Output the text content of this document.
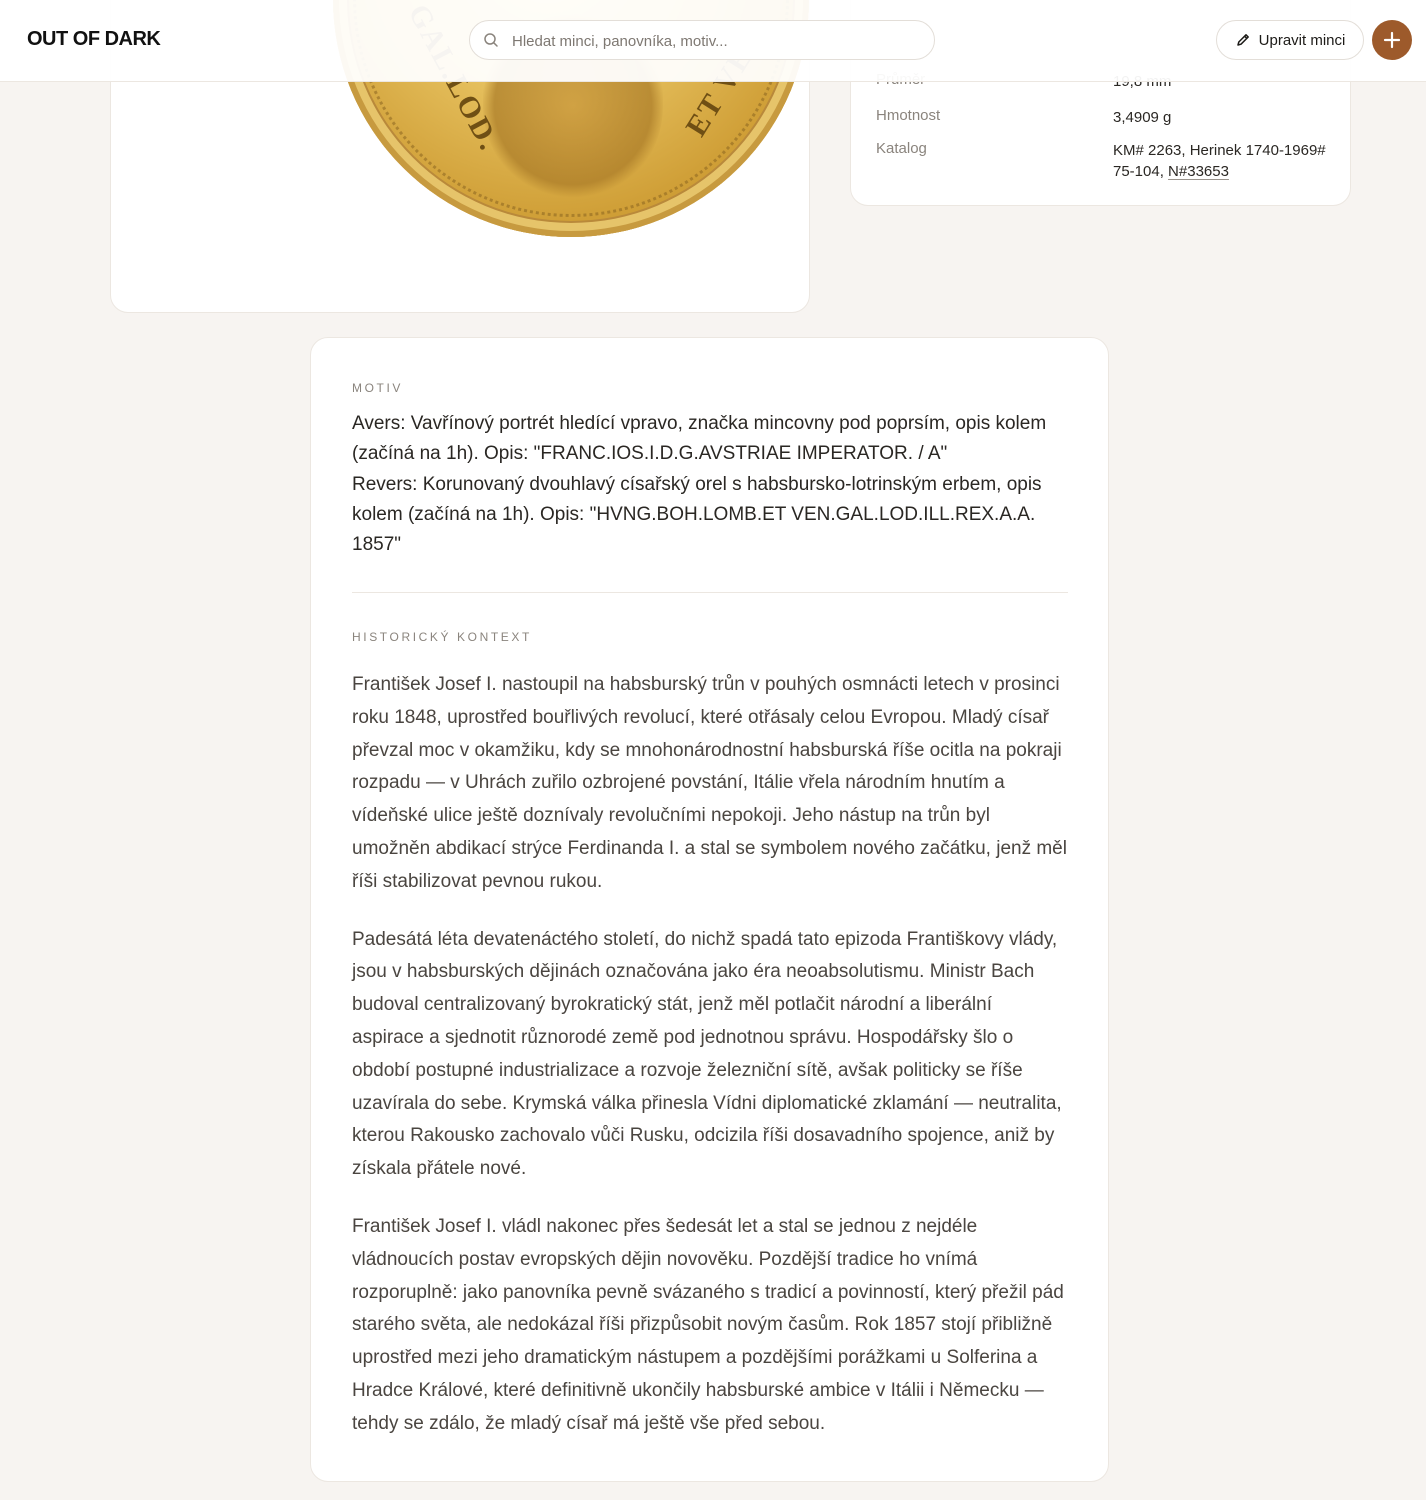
Hmotnost	3,4909 g
Katalog	KM# 2263, Herinek 1740-1969# 75-104, N#33653
OUT OF DARK
Hledat minci, panovníka, motiv...	Upravit minci
MOTIV
Avers: Vavřínový portrét hledící vpravo, značka mincovny pod poprsím, opis kolem (začíná na 1h). Opis: "FRANC.IOS.I.D.G.AVSTRIAE IMPERATOR. / A"
Revers: Korunovaný dvouhlavý císařský orel s habsbursko-lotrinským erbem, opis kolem (začíná na 1h). Opis: "HVNG.BOH.LOMB.ET VEN.GAL.LOD.ILL.REX.A.A. 1857"
HISTORICKÝ KONTEXT

František Josef I. nastoupil na habsburský trůn v pouhých osmnácti letech v prosinci roku 1848, uprostřed bouřlivých revolucí, které otřásaly celou Evropou. Mladý císař převzal moc v okamžiku, kdy se mnohonárodnostní habsburská říše ocitla na pokraji rozpadu — v Uhrách zuřilo ozbrojené povstání, Itálie vřela národním hnutím a vídeňské ulice ještě doznívaly revolučními nepokoji. Jeho nástup na trůn byl umožněn abdikací strýce Ferdinanda I. a stal se symbolem nového začátku, jenž měl říši stabilizovat pevnou rukou.

Padesátá léta devatenáctého století, do nichž spadá tato epizoda Františkovy vlády, jsou v habsburských dějinách označována jako éra neoabsolutismu. Ministr Bach budoval centralizovaný byrokratický stát, jenž měl potlačit národní a liberální aspirace a sjednotit různorodé země pod jednotnou správu. Hospodářsky šlo o období postupné industrializace a rozvoje železniční sítě, avšak politicky se říše uzavírala do sebe. Krymská válka přinesla Vídni diplomatické zklamání — neutralita, kterou Rakousko zachovalo vůči Rusku, odcizila říši dosavadního spojence, aniž by získala přátele nové.

František Josef I. vládl nakonec přes šedesát let a stal se jednou z nejdéle vládnoucích postav evropských dějin novověku. Pozdější tradice ho vnímá rozporuplně: jako panovníka pevně svázaného s tradicí a povinností, který přežil pád starého světa, ale nedokázal říši přizpůsobit novým časům. Rok 1857 stojí přibližně uprostřed mezi jeho dramatickým nástupem a pozdějšími porážkami u Solferina a Hradce Králové, které definitivně ukončily habsburské ambice v Itálii i Německu — tehdy se zdálo, že mladý císař má ještě vše před sebou.
